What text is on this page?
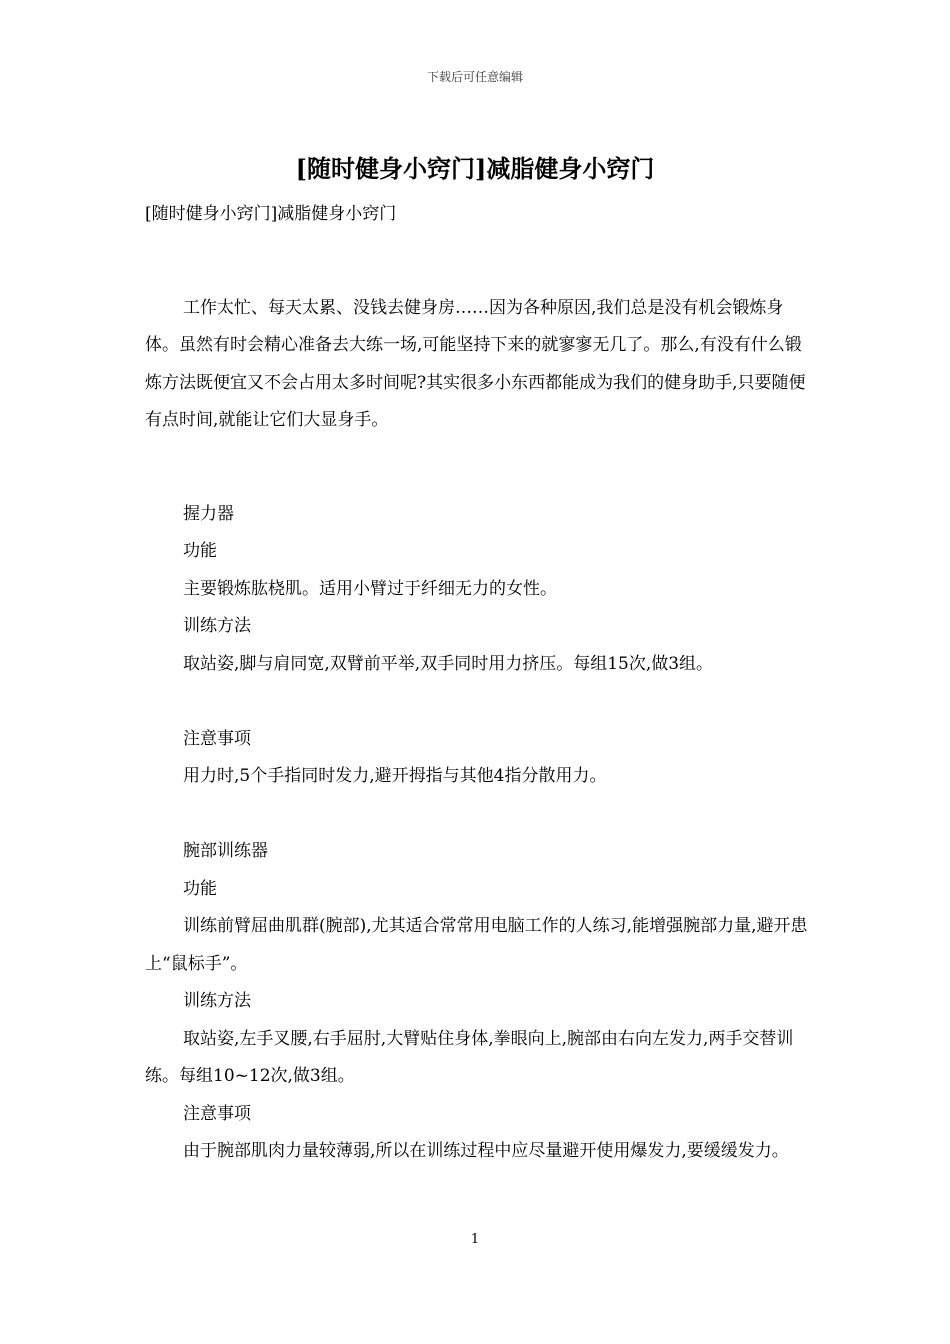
下载后可任意编辑
[随时健身小窍门]减脂健身小窍门

[随时健身小窍门]减脂健身小窍门

工作太忙、每天太累、没钱去健身房……因为各种原因,我们总是没有机会锻炼身体。虽然有时会精心准备去大练一场,可能坚持下来的就寥寥无几了。那么,有没有什么锻炼方法既便宜又不会占用太多时间呢?其实很多小东西都能成为我们的健身助手,只要随便有点时间,就能让它们大显身手。

握力器

功能

主要锻炼肱桡肌。适用小臂过于纤细无力的女性。

训练方法

取站姿,脚与肩同宽,双臂前平举,双手同时用力挤压。每组15次,做3组。

注意事项

用力时,5个手指同时发力,避开拇指与其他4指分散用力。

腕部训练器

功能

训练前臂屈曲肌群(腕部),尤其适合常常用电脑工作的人练习,能增强腕部力量,避开患上“鼠标手”。

训练方法

取站姿,左手叉腰,右手屈肘,大臂贴住身体,拳眼向上,腕部由右向左发力,两手交替训练。每组10~12次,做3组。

注意事项

由于腕部肌肉力量较薄弱,所以在训练过程中应尽量避开使用爆发力,要缓缓发力。

1
